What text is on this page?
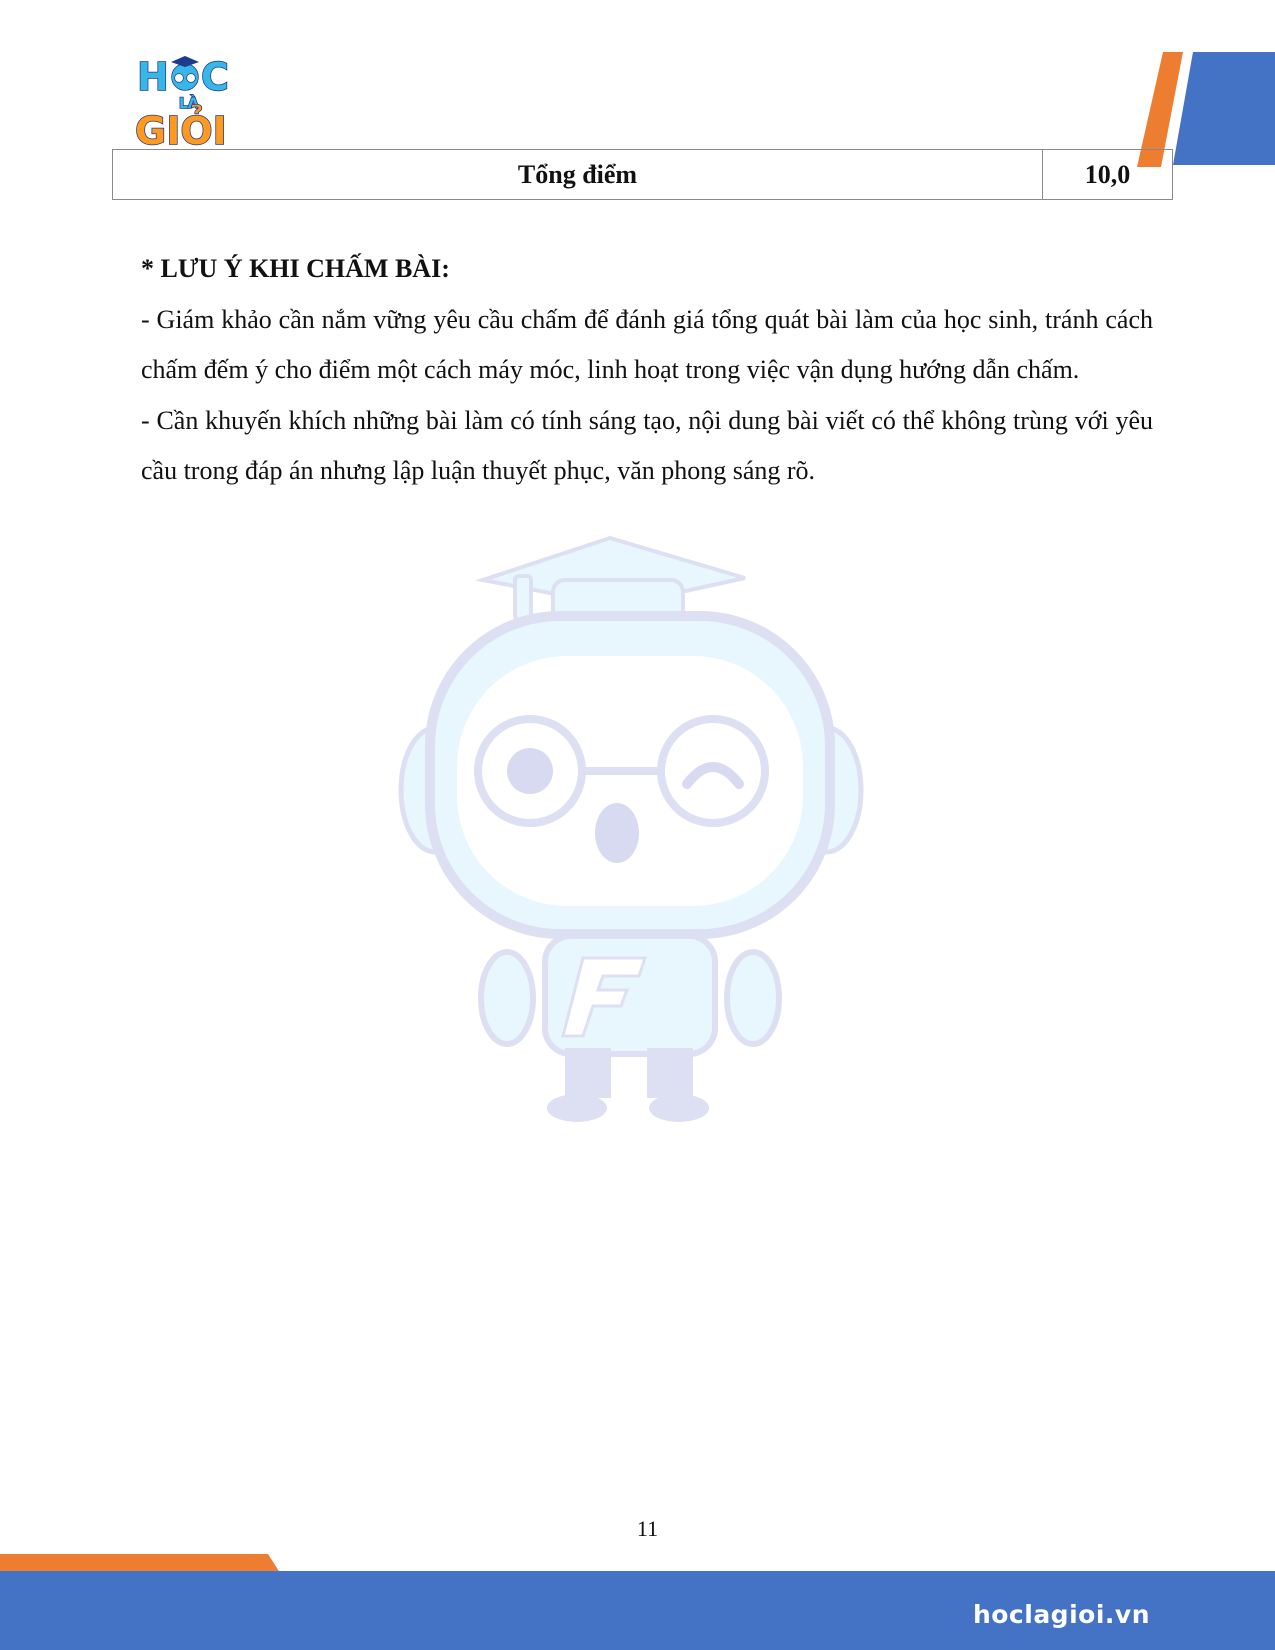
H C
LÀ
GIỎI
Tổng điểm	10,0

* LƯU Ý KHI CHẤM BÀI:

- Giám khảo cần nắm vững yêu cầu chấm để đánh giá tổng quát bài làm của học sinh, tránh cách chấm đếm ý cho điểm một cách máy móc, linh hoạt trong việc vận dụng hướng dẫn chấm.

- Cần khuyến khích những bài làm có tính sáng tạo, nội dung bài viết có thể không trùng với yêu cầu trong đáp án nhưng lập luận thuyết phục, văn phong sáng rõ.

11
hoclagioi.vn
